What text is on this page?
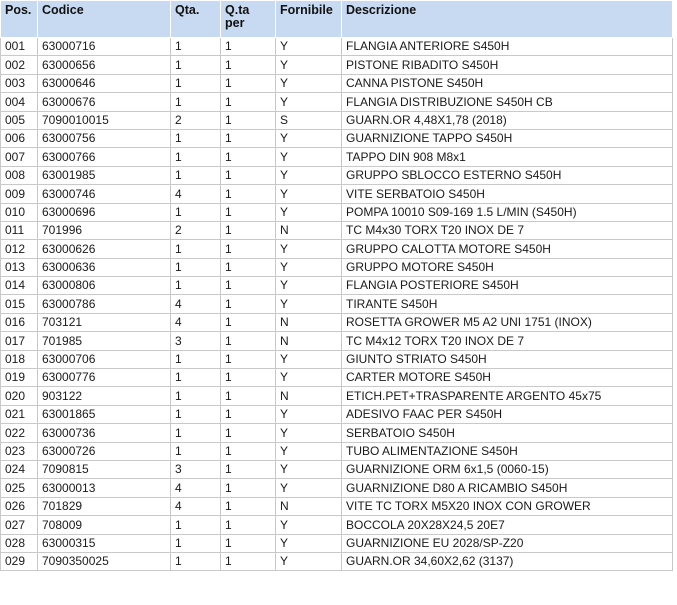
Pos.	Codice	Qta.	Q.ta per	Fornibile	Descrizione
001	63000716	1	1	Y	FLANGIA ANTERIORE S450H
002	63000656	1	1	Y	PISTONE RIBADITO S450H
003	63000646	1	1	Y	CANNA PISTONE S450H
004	63000676	1	1	Y	FLANGIA DISTRIBUZIONE S450H CB
005	7090010015	2	1	S	GUARN.OR 4,48X1,78 (2018)
006	63000756	1	1	Y	GUARNIZIONE TAPPO S450H
007	63000766	1	1	Y	TAPPO DIN 908 M8x1
008	63001985	1	1	Y	GRUPPO SBLOCCO ESTERNO S450H
009	63000746	4	1	Y	VITE SERBATOIO S450H
010	63000696	1	1	Y	POMPA 10010 S09-169 1.5 L/MIN (S450H)
011	701996	2	1	N	TC M4x30 TORX T20 INOX DE 7
012	63000626	1	1	Y	GRUPPO CALOTTA MOTORE S450H
013	63000636	1	1	Y	GRUPPO MOTORE S450H
014	63000806	1	1	Y	FLANGIA POSTERIORE S450H
015	63000786	4	1	Y	TIRANTE S450H
016	703121	4	1	N	ROSETTA GROWER M5 A2 UNI 1751 (INOX)
017	701985	3	1	N	TC M4x12 TORX T20 INOX DE 7
018	63000706	1	1	Y	GIUNTO STRIATO S450H
019	63000776	1	1	Y	CARTER MOTORE S450H
020	903122	1	1	N	ETICH.PET+TRASPARENTE ARGENTO 45x75
021	63001865	1	1	Y	ADESIVO FAAC PER S450H
022	63000736	1	1	Y	SERBATOIO S450H
023	63000726	1	1	Y	TUBO ALIMENTAZIONE S450H
024	7090815	3	1	Y	GUARNIZIONE ORM 6x1,5 (0060-15)
025	63000013	4	1	Y	GUARNIZIONE D80 A RICAMBIO S450H
026	701829	4	1	N	VITE TC TORX M5X20 INOX CON GROWER
027	708009	1	1	Y	BOCCOLA 20X28X24,5 20E7
028	63000315	1	1	Y	GUARNIZIONE EU 2028/SP-Z20
029	7090350025	1	1	Y	GUARN.OR 34,60X2,62 (3137)
